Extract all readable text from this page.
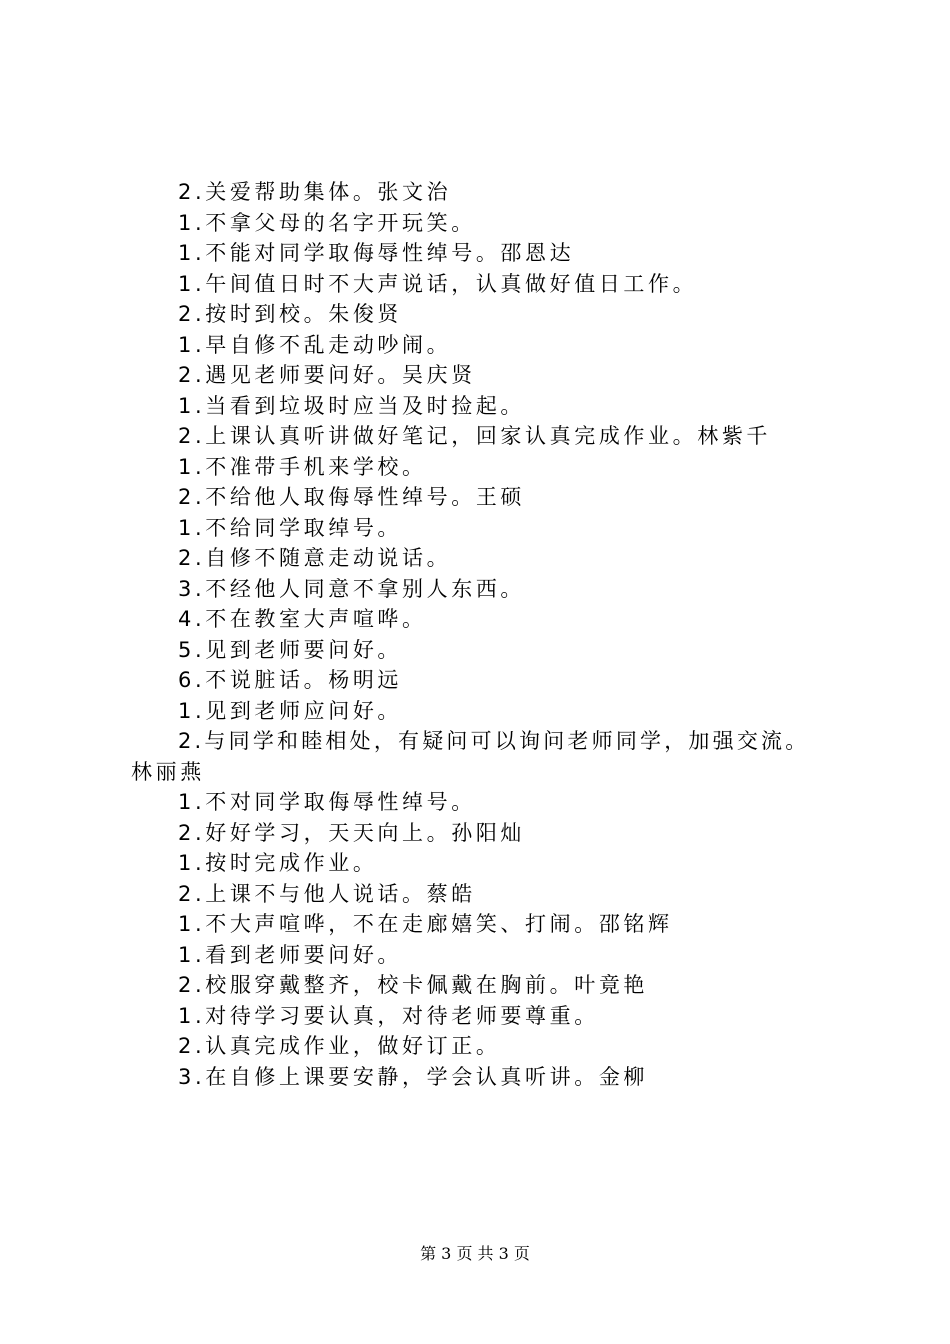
2.关爱帮助集体。张文治
1.不拿父母的名字开玩笑。
1.不能对同学取侮辱性绰号。邵恩达
1.午间值日时不大声说话，认真做好值日工作。
2.按时到校。朱俊贤
1.早自修不乱走动吵闹。
2.遇见老师要问好。吴庆贤
1.当看到垃圾时应当及时捡起。
2.上课认真听讲做好笔记，回家认真完成作业。林紫千
1.不准带手机来学校。
2.不给他人取侮辱性绰号。王硕
1.不给同学取绰号。
2.自修不随意走动说话。
3.不经他人同意不拿别人东西。
4.不在教室大声喧哗。
5.见到老师要问好。
6.不说脏话。杨明远
1.见到老师应问好。
2.与同学和睦相处，有疑问可以询问老师同学，加强交流。
林丽燕
1.不对同学取侮辱性绰号。
2.好好学习，天天向上。孙阳灿
1.按时完成作业。
2.上课不与他人说话。蔡皓
1.不大声喧哗，不在走廊嬉笑、打闹。邵铭辉
1.看到老师要问好。
2.校服穿戴整齐，校卡佩戴在胸前。叶竟艳
1.对待学习要认真，对待老师要尊重。
2.认真完成作业，做好订正。
3.在自修上课要安静，学会认真听讲。金柳
第 3 页 共 3 页
